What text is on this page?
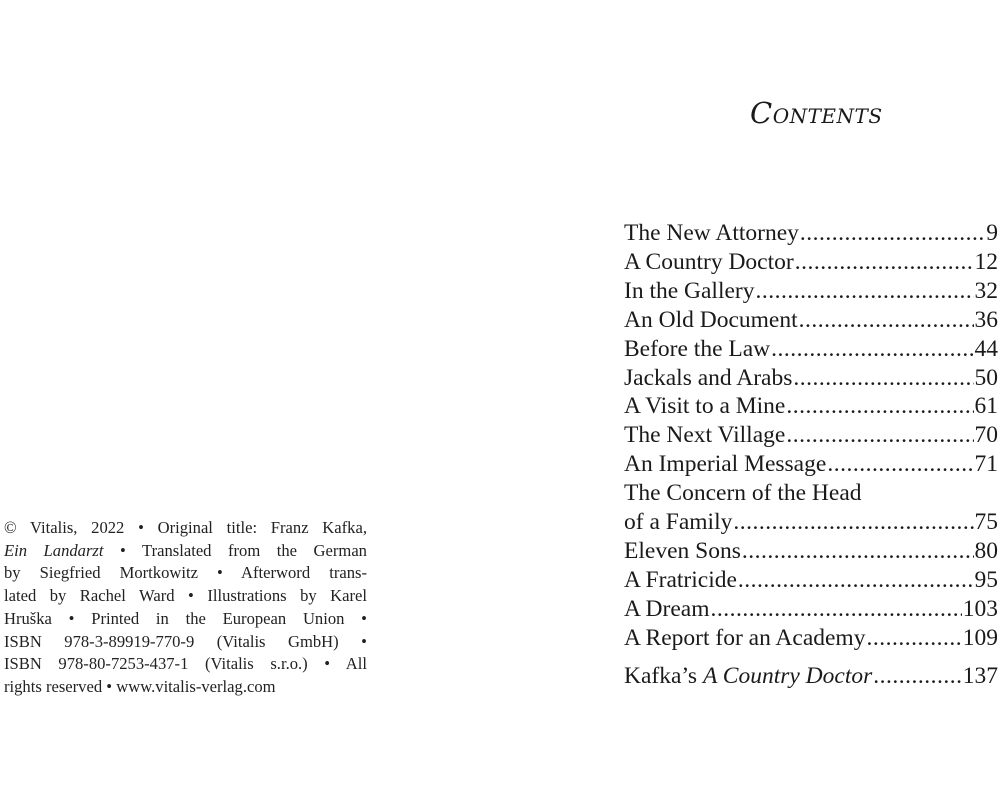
© Vitalis, 2022 • Original title: Franz Kafka,
Ein Landarzt • Translated from the German
by Siegfried Mortkowitz • Afterword trans-
lated by Rachel Ward • Illustrations by Karel
Hruška • Printed in the European Union •
ISBN 978-3-89919-770-9 (Vitalis GmbH) •
ISBN 978-80-7253-437-1 (Vitalis s.r.o.) • All
rights reserved • www.vitalis-verlag.com
Contents
The New Attorney .....	9
A Country Doctor .....	12
In the Gallery .....	32
An Old Document .....	36
Before the Law .....	44
Jackals and Arabs .....	50
A Visit to a Mine .....	61
The Next Village .....	70
An Imperial Message .....	71
The Concern of the Head
of a Family .....	75
Eleven Sons .....	80
A Fratricide .....	95
A Dream .....	103
A Report for an Academy .....	109
Kafka’s A Country Doctor .....	137
